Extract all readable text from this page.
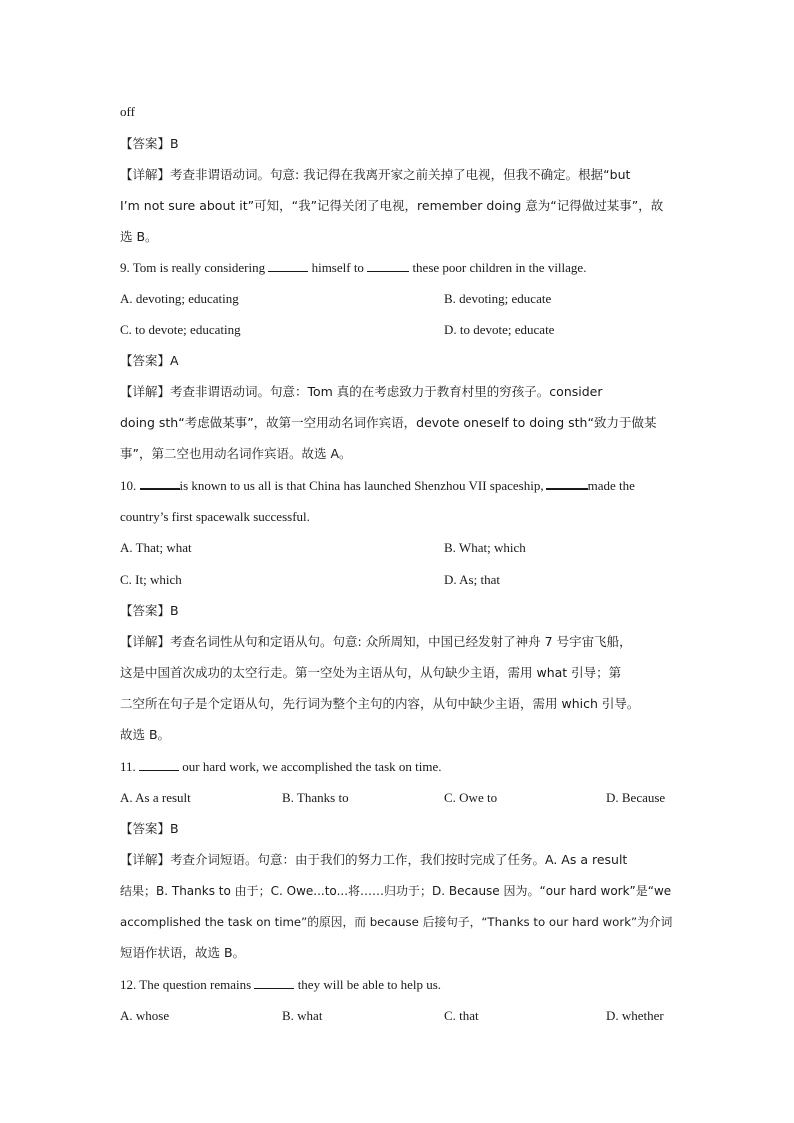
off
【答案】B
【详解】考查非谓语动词。句意: 我记得在我离开家之前关掉了电视，但我不确定。根据“but
I’m not sure about it”可知，“我”记得关闭了电视，remember doing 意为“记得做过某事”，故
选 B。
9. Tom is really considering	himself to	these poor children in the village.
A. devoting; educating	B. devoting; educate
C. to devote; educating	D. to devote; educate
【答案】A
【详解】考查非谓语动词。句意：Tom 真的在考虑致力于教育村里的穷孩子。consider
doing sth“考虑做某事”，故第一空用动名词作宾语，devote oneself to doing sth“致力于做某
事”，第二空也用动名词作宾语。故选 A。
10.	is known to us all is that China has launched Shenzhou VII spaceship,	made the
country’s first spacewalk successful.
A. That; what	B. What; which
C. It; which	D. As; that
【答案】B
【详解】考查名词性从句和定语从句。句意: 众所周知，中国已经发射了神舟 7 号宇宙飞船，
这是中国首次成功的太空行走。第一空处为主语从句，从句缺少主语，需用 what 引导；第
二空所在句子是个定语从句，先行词为整个主句的内容，从句中缺少主语，需用 which 引导。
故选 B。
11.	our hard work, we accomplished the task on time.
A. As a result	B. Thanks to	C. Owe to	D. Because
【答案】B
【详解】考查介词短语。句意：由于我们的努力工作，我们按时完成了任务。A. As a result
结果；B. Thanks to 由于；C. Owe...to...将……归功于；D. Because 因为。“our hard work”是“we
accomplished the task on time”的原因，而 because 后接句子，“Thanks to our hard work”为介词
短语作状语，故选 B。
12. The question remains	they will be able to help us.
A. whose	B. what	C. that	D. whether
